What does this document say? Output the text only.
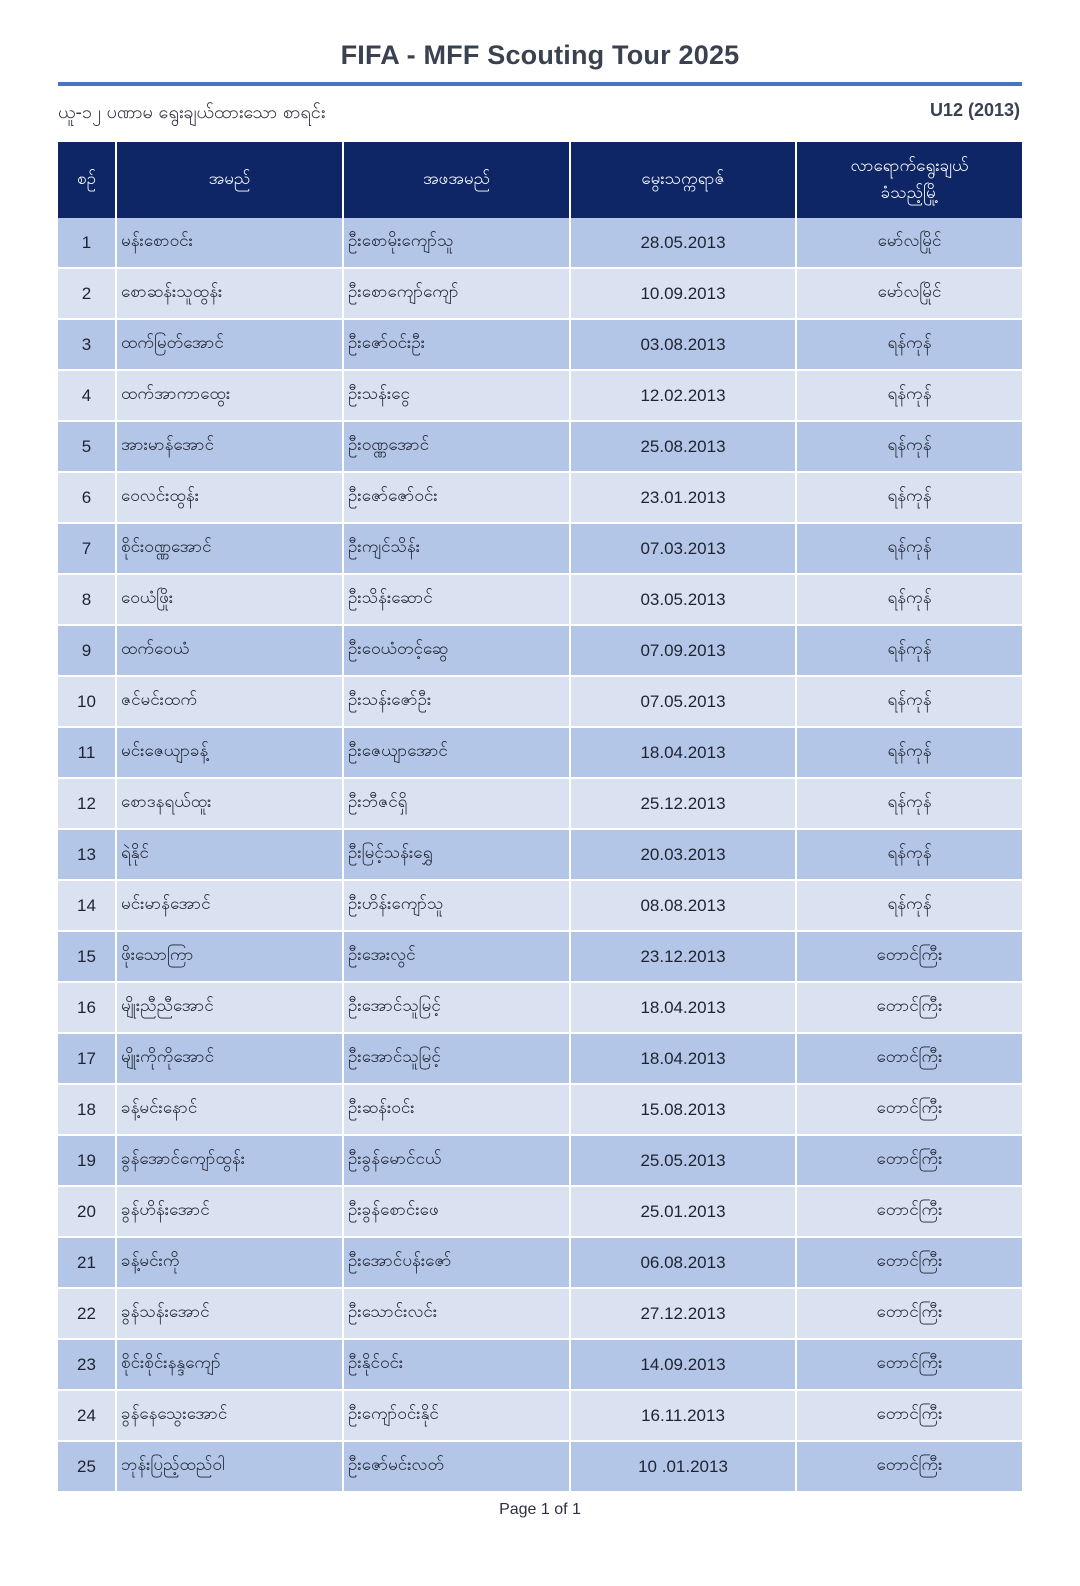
FIFA - MFF Scouting Tour 2025
ယူ-၁၂ ပဏာမ ရွေးချယ်ထားသော စာရင်း	U12 (2013)
စဉ်	အမည်	အဖအမည်	မွေးသက္ကရာဇ်	လာရောက်ရွေးချယ်
ခံသည့်မြို့
1	မန်းစောဝင်း	ဦးစောမိုးကျော်သူ	28.05.2013	မော်လမြိုင်
2	စောဆန်းသူထွန်း	ဦးစောကျော်ကျော်	10.09.2013	မော်လမြိုင်
3	ထက်မြတ်အောင်	ဦးဇော်ဝင်းဦး	03.08.2013	ရန်ကုန်
4	ထက်အာကာထွေး	ဦးသန်းငွေ	12.02.2013	ရန်ကုန်
5	အားမာန်အောင်	ဦးဝဏ္ဏအောင်	25.08.2013	ရန်ကုန်
6	ဝေလင်းထွန်း	ဦးဇော်ဇော်ဝင်း	23.01.2013	ရန်ကုန်
7	စိုင်းဝဏ္ဏအောင်	ဦးကျင်သိန်း	07.03.2013	ရန်ကုန်
8	ဝေယံဖြိုး	ဦးသိန်းဆောင်	03.05.2013	ရန်ကုန်
9	ထက်ဝေယံ	ဦးဝေယံတင့်ဆွေ	07.09.2013	ရန်ကုန်
10	ဇင်မင်းထက်	ဦးသန်းဇော်ဦး	07.05.2013	ရန်ကုန်
11	မင်းဇေယျာခန့်	ဦးဇေယျာအောင်	18.04.2013	ရန်ကုန်
12	စောဒနရယ်ထူး	ဦးဘီဇင်ရှိ	25.12.2013	ရန်ကုန်
13	ရဲနိုင်	ဦးမြင့်သန်းရွှေ	20.03.2013	ရန်ကုန်
14	မင်းမာန်အောင်	ဦးဟိန်းကျော်သူ	08.08.2013	ရန်ကုန်
15	ဖိုးသောကြာ	ဦးအေးလွင်	23.12.2013	တောင်ကြီး
16	မျိုးညီညီအောင်	ဦးအောင်သူမြင့်	18.04.2013	တောင်ကြီး
17	မျိုးကိုကိုအောင်	ဦးအောင်သူမြင့်	18.04.2013	တောင်ကြီး
18	ခန့်မင်းနောင်	ဦးဆန်းဝင်း	15.08.2013	တောင်ကြီး
19	ခွန်အောင်ကျော်ထွန်း	ဦးခွန်မောင်ငယ်	25.05.2013	တောင်ကြီး
20	ခွန်ဟိန်းအောင်	ဦးခွန်စောင်းဖေ	25.01.2013	တောင်ကြီး
21	ခန့်မင်းကို	ဦးအောင်ပန်းဇော်	06.08.2013	တောင်ကြီး
22	ခွန်သန်းအောင်	ဦးသောင်းလင်း	27.12.2013	တောင်ကြီး
23	စိုင်းစိုင်းနန္ဒကျော်	ဦးနိုင်ဝင်း	14.09.2013	တောင်ကြီး
24	ခွန်နေသွေးအောင်	ဦးကျော်ဝင်းနိုင်	16.11.2013	တောင်ကြီး
25	ဘုန်းပြည့်ထည်ဝါ	ဦးဇော်မင်းလတ်	10 .01.2013	တောင်ကြီး
Page 1 of 1
